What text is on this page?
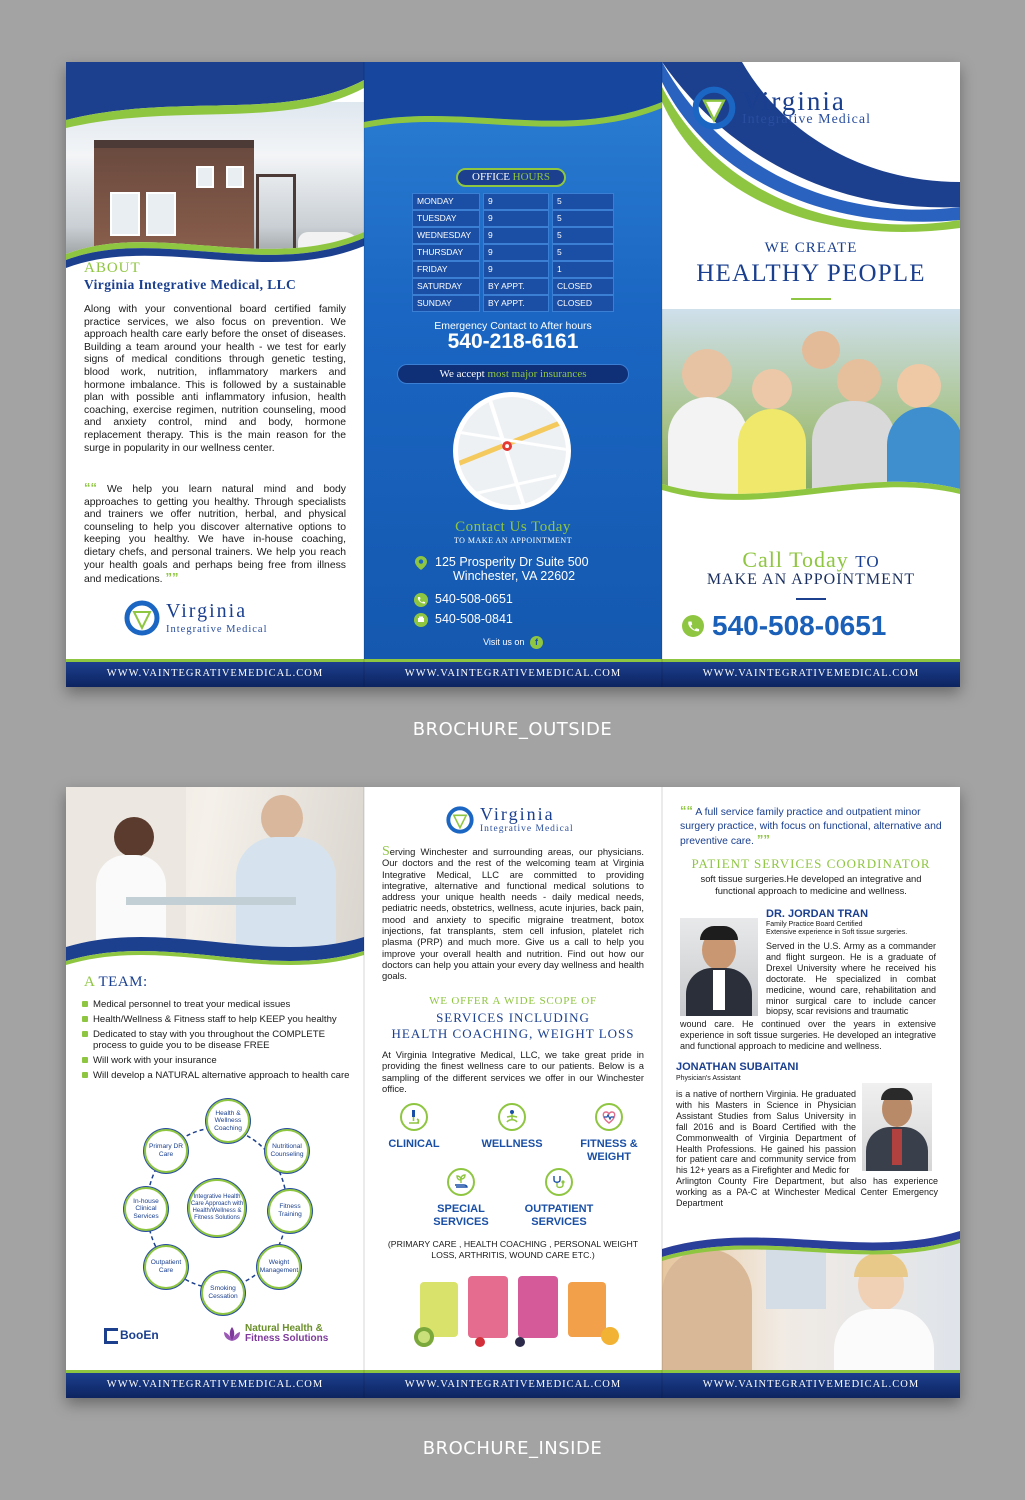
ABOUT
Virginia Integrative Medical, LLC
Along with your conventional board certified family practice services, we also focus on prevention. We approach health care early before the onset of diseases. Building a team around your health - we test for early signs of medical conditions through genetic testing, blood work, nutrition, inflammatory markers and hormone imbalance. This is followed by a sustainable plan with possible anti inflammatory infusion, health coaching, exercise regimen, nutrition counseling, mood and anxiety control, mind and body, hormone replacement therapy. This is the main reason for the surge in popularity in our wellness center.
““ We help you learn natural mind and body approaches to getting you healthy. Through specialists and trainers we offer nutrition, herbal, and physical counseling to help you discover alternative options to keeping you healthy. We have in-house coaching, dietary chefs, and personal trainers. We help you reach your health goals and perhaps being free from illness and medications. ””
Virginia
Integrative Medical
WWW.VAINTEGRATIVEMEDICAL.COM
OFFICE HOURS
MONDAY	9	5
TUESDAY	9	5
WEDNESDAY	9	5
THURSDAY	9	5
FRIDAY	9	1
SATURDAY	BY APPT.	CLOSED
SUNDAY	BY APPT.	CLOSED
Emergency Contact to After hours
540-218-6161
We accept most major insurances
Contact Us Today
TO MAKE AN APPOINTMENT
125 Prosperity Dr Suite 500
Winchester, VA 22602
540-508-0651
540-508-0841
Visit us on f
WWW.VAINTEGRATIVEMEDICAL.COM
Virginia
Integrative Medical
WE CREATE
HEALTHY PEOPLE
Call Today TO
MAKE AN APPOINTMENT
540-508-0651
WWW.VAINTEGRATIVEMEDICAL.COM
BROCHURE_OUTSIDE
A TEAM:
Medical personnel to treat your medical issues
Health/Wellness & Fitness staff to help KEEP you healthy
Dedicated to stay with you throughout the COMPLETE process to guide you to be disease FREE
Will work with your insurance
Will develop a NATURAL alternative approach to health care
Integrative Health Care Approach with Health/Wellness & Fitness Solutions
Health & Wellness Coaching
Nutritional Counseling
Fitness Training
Weight Management
Smoking Cessation
Outpatient Care
In-house Clinical Services
Primary DR Care
BooEn	Natural Health &
Fitness Solutions
WWW.VAINTEGRATIVEMEDICAL.COM
Virginia
Integrative Medical
Serving Winchester and surrounding areas, our physicians. Our doctors and the rest of the welcoming team at Virginia Integrative Medical, LLC are committed to providing integrative, alternative and functional medical solutions to address your unique health needs - daily medical needs, pediatric needs, obstetrics, wellness, acute injuries, back pain, mood and anxiety to specific migraine treatment, botox injections, fat transplants, stem cell infusion, platelet rich plasma (PRP) and much more. Give us a call to help you improve your overall health and nutrition. Find out how our doctors can help you attain your every day wellness and health goals.
WE OFFER A WIDE SCOPE OF
SERVICES INCLUDING
HEALTH COACHING, WEIGHT LOSS
At Virginia Integrative Medical, LLC, we take great pride in providing the finest wellness care to our patients. Below is a sampling of the different services we offer in our Winchester office.
CLINICAL	WELLNESS	FITNESS & WEIGHT
SPECIAL SERVICES
OUTPATIENT SERVICES
(PRIMARY CARE , HEALTH COACHING , PERSONAL WEIGHT LOSS, ARTHRITIS, WOUND CARE ETC.)
WWW.VAINTEGRATIVEMEDICAL.COM
““ A full service family practice and outpatient minor surgery practice, with focus on functional, alternative and preventive care. ””
PATIENT SERVICES COORDINATOR
soft tissue surgeries.He developed an integrative and functional approach to medicine and wellness.
DR. JORDAN TRAN
Family Practice Board Certified
Extensive experience in Soft tissue surgeries.
Served in the U.S. Army as a commander and flight surgeon. He is a graduate of Drexel University where he received his doctorate. He specialized in combat medicine, wound care, rehabilitation and minor surgical care to include cancer biopsy, scar revisions and traumatic
wound care. He continued over the years in extensive experience in soft tissue surgeries. He developed an integrative and functional approach to medicine and wellness.
JONATHAN SUBAITANI
Physician's Assistant
is a native of northern Virginia. He graduated with his Masters in Science in Physician Assistant Studies from Salus University in fall 2016 and is Board Certified with the Commonwealth of Virginia Department of Health Professions. He gained his passion for patient care and community service from his 12+ years as a Firefighter and Medic for
Arlington County Fire Department, but also has experience working as a PA-C at Winchester Medical Center Emergency Department
WWW.VAINTEGRATIVEMEDICAL.COM
BROCHURE_INSIDE
